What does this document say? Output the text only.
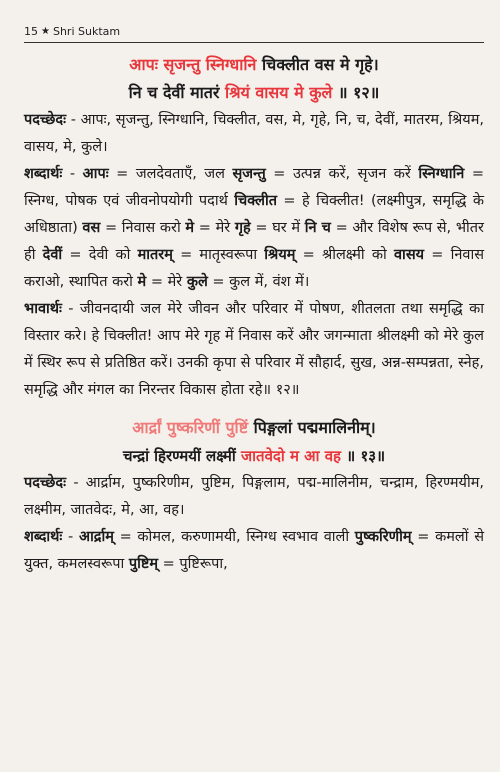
15 ★ Shri Suktam
आपः सृजन्तु स्निग्धानि चिक्लीत वस मे गृहे।
नि च देवीं मातरं श्रियं वासय मे कुले ॥ १२॥

पदच्छेदः - आपः, सृजन्तु, स्निग्धानि, चिक्लीत, वस, मे, गृहे, नि, च, देवीं, मातरम, श्रियम, वासय, मे, कुले।

शब्दार्थः - आपः = जलदेवताएँ, जल सृजन्तु = उत्पन्न करें, सृजन करें स्निग्धानि = स्निग्ध, पोषक एवं जीवनोपयोगी पदार्थ चिक्लीत = हे चिक्लीत! (लक्ष्मीपुत्र, समृद्धि के अधिष्ठाता) वस = निवास करो मे = मेरे गृहे = घर में नि च = और विशेष रूप से, भीतर ही देवीं = देवी को मातरम् = मातृस्वरूपा श्रियम् = श्रीलक्ष्मी को वासय = निवास कराओ, स्थापित करो मे = मेरे कुले = कुल में, वंश में।

भावार्थः - जीवनदायी जल मेरे जीवन और परिवार में पोषण, शीतलता तथा समृद्धि का विस्तार करे। हे चिक्लीत! आप मेरे गृह में निवास करें और जगन्माता श्रीलक्ष्मी को मेरे कुल में स्थिर रूप से प्रतिष्ठित करें। उनकी कृपा से परिवार में सौहार्द, सुख, अन्न-सम्पन्नता, स्नेह, समृद्धि और मंगल का निरन्तर विकास होता रहे॥ १२॥

आर्द्रां पुष्करिणीं पुष्टिं पिङ्गलां पद्ममालिनीम्।
चन्द्रां हिरण्मयीं लक्ष्मीं जातवेदो म आ वह ॥ १३॥

पदच्छेदः - आर्द्राम, पुष्करिणीम, पुष्टिम, पिङ्गलाम, पद्म-मालिनीम, चन्द्राम, हिरण्मयीम, लक्ष्मीम, जातवेदः, मे, आ, वह।

शब्दार्थः - आर्द्राम् = कोमल, करुणामयी, स्निग्ध स्वभाव वाली पुष्करिणीम् = कमलों से युक्त, कमलस्वरूपा पुष्टिम् = पुष्टिरूपा,
